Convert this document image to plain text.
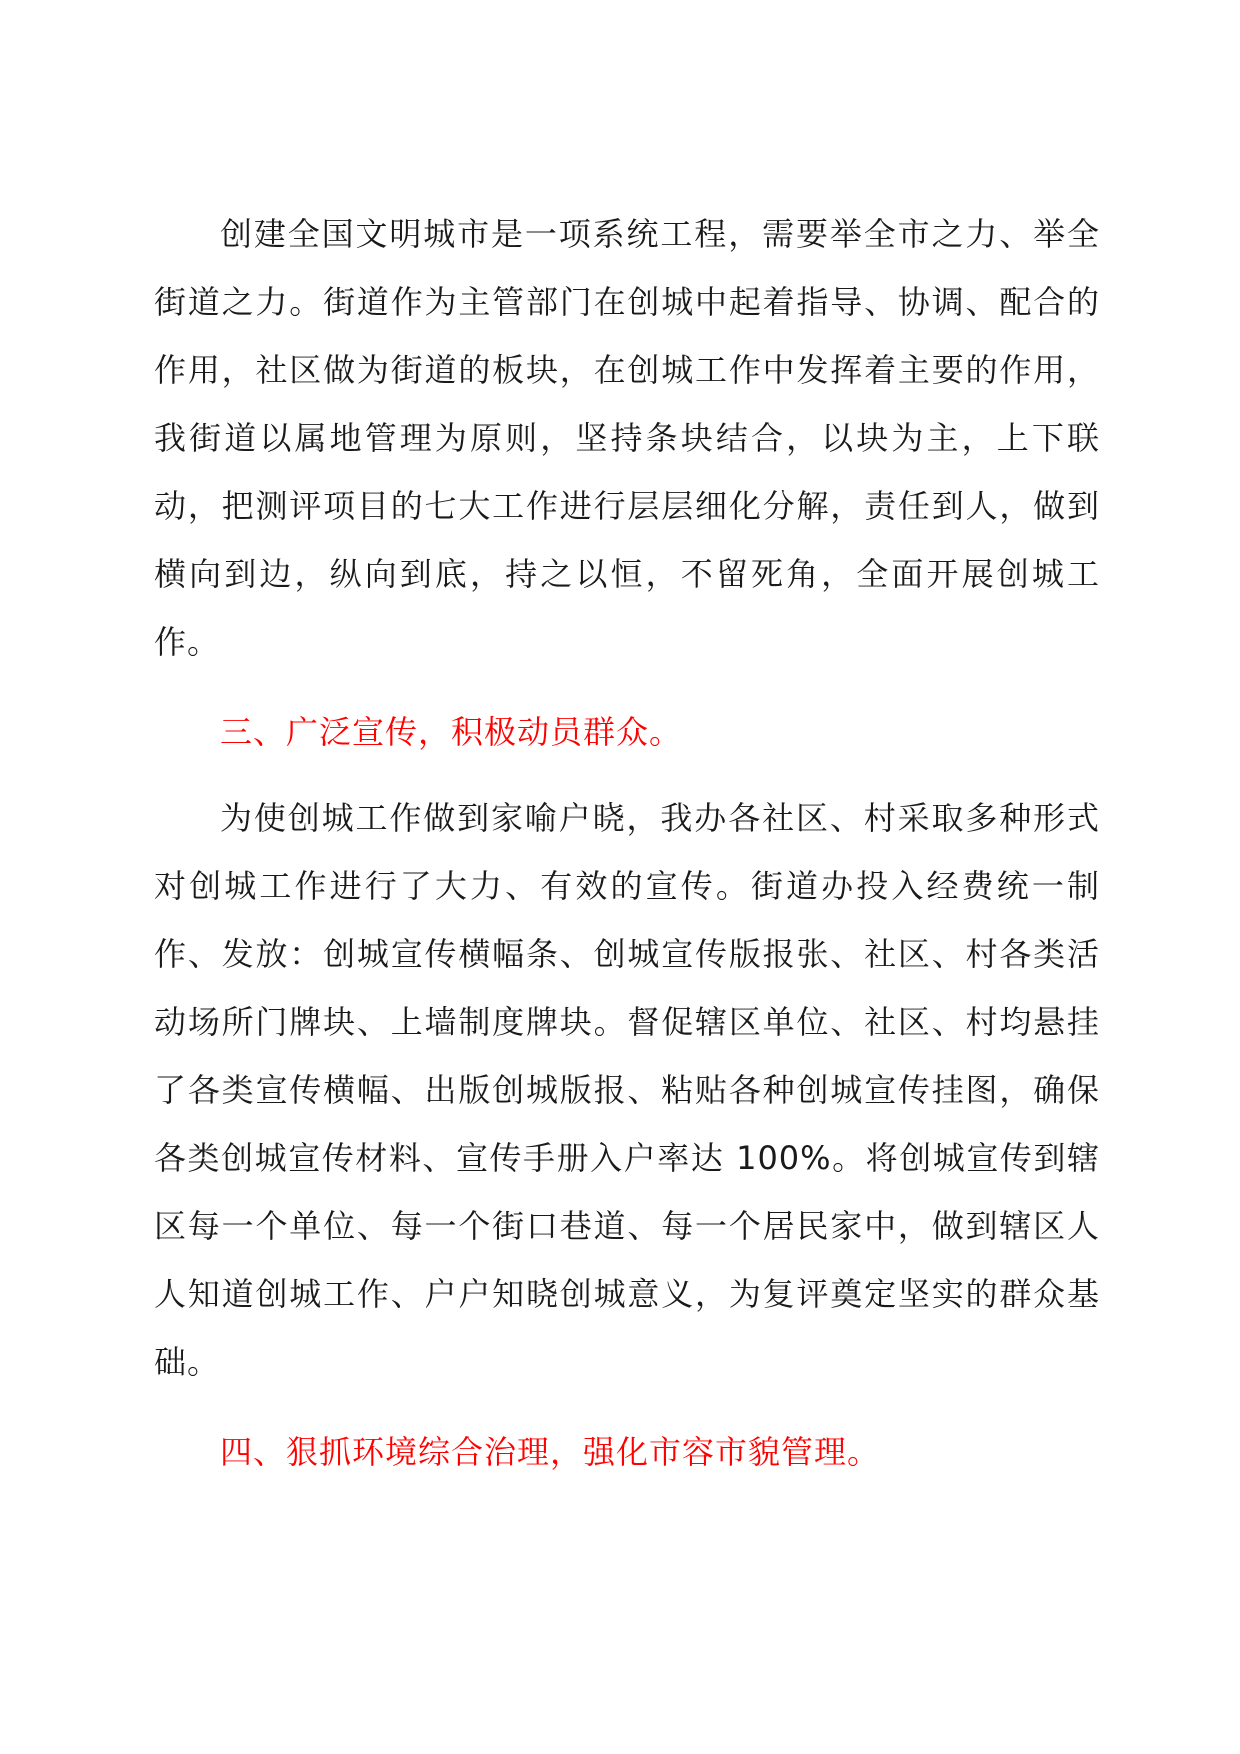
创建全国文明城市是一项系统工程，需要举全市之力、举全街道之力。街道作为主管部门在创城中起着指导、协调、配合的作用，社区做为街道的板块，在创城工作中发挥着主要的作用，我街道以属地管理为原则，坚持条块结合，以块为主，上下联动，把测评项目的七大工作进行层层细化分解，责任到人，做到横向到边，纵向到底，持之以恒，不留死角，全面开展创城工作。

三、广泛宣传，积极动员群众。

为使创城工作做到家喻户晓，我办各社区、村采取多种形式对创城工作进行了大力、有效的宣传。街道办投入经费统一制作、发放：创城宣传横幅条、创城宣传版报张、社区、村各类活动场所门牌块、上墙制度牌块。督促辖区单位、社区、村均悬挂了各类宣传横幅、出版创城版报、粘贴各种创城宣传挂图，确保各类创城宣传材料、宣传手册入户率达 100%。将创城宣传到辖区每一个单位、每一个街口巷道、每一个居民家中，做到辖区人人知道创城工作、户户知晓创城意义，为复评奠定坚实的群众基础。

四、狠抓环境综合治理，强化市容市貌管理。
